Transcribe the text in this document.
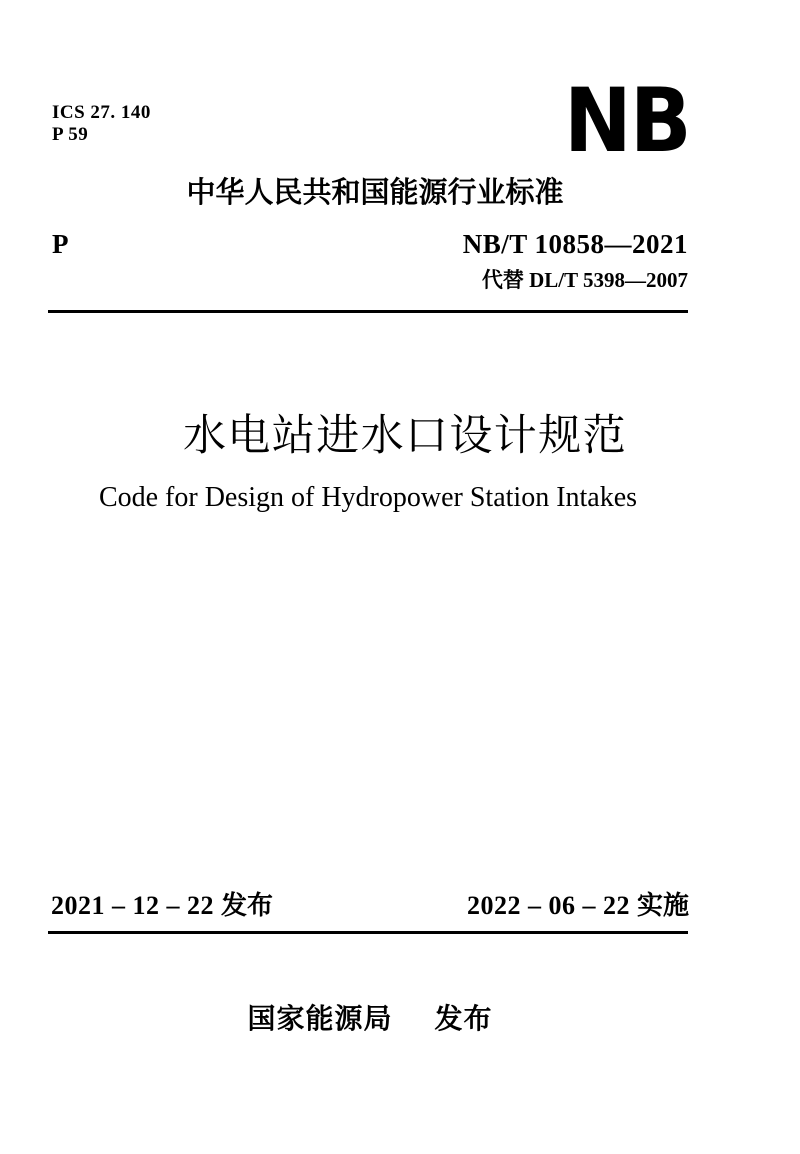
ICS 27. 140
P 59	NB
中华人民共和国能源行业标准
P	NB/T 10858—2021
代替 DL/T 5398—2007
水电站进水口设计规范
Code for Design of Hydropower Station Intakes
2021 – 12 – 22 发布	2022 – 06 – 22 实施
国家能源局 发布
